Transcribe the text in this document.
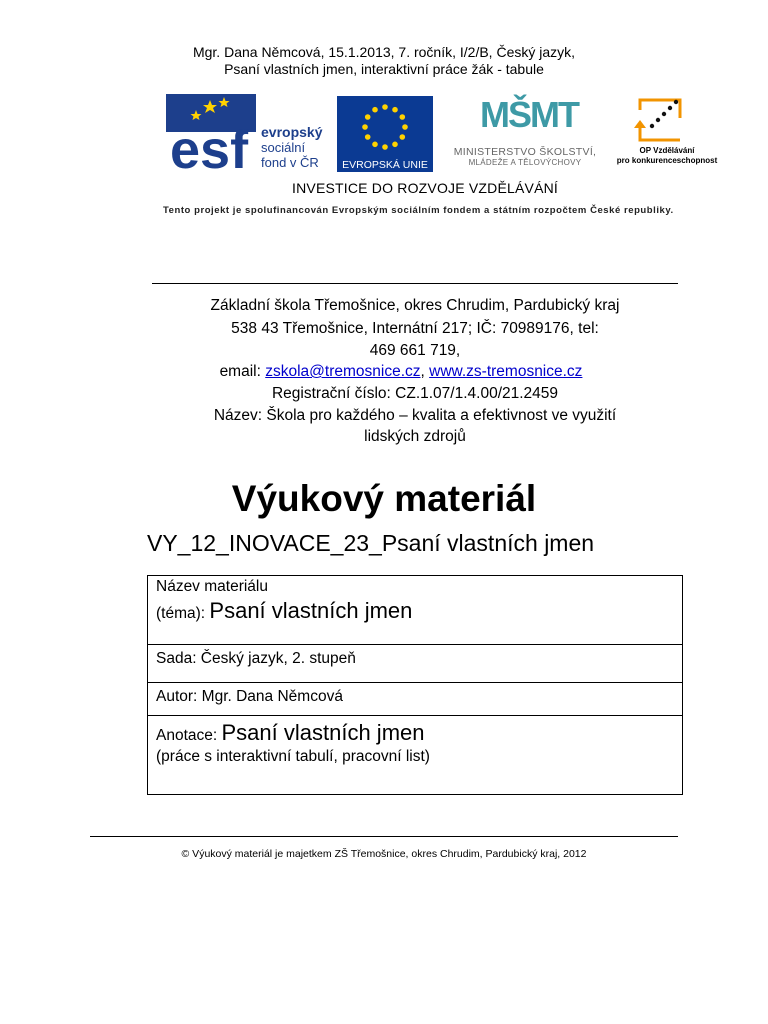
Mgr. Dana Němcová, 15.1.2013, 7. ročník, I/2/B, Český jazyk,
Psaní vlastních jmen, interaktivní práce žák - tabule
esf evropský
sociální
fond v ČR	EVROPSKÁ UNIE
MŠMT
MINISTERSTVO ŠKOLSTVÍ,
MLÁDEŽE A TĚLOVÝCHOVY
OP Vzdělávání
pro konkurenceschopnost
INVESTICE DO ROZVOJE VZDĚLÁVÁNÍ
Tento projekt je spolufinancován Evropským sociálním fondem a státním rozpočtem České republiky.
Základní škola Třemošnice, okres Chrudim, Pardubický kraj
538 43 Třemošnice, Internátní 217; IČ: 70989176, tel:
469 661 719,
email: zskola@tremosnice.cz, www.zs-tremosnice.cz
Registrační číslo: CZ.1.07/1.4.00/21.2459
Název: Škola pro každého – kvalita a efektivnost ve využití
lidských zdrojů
Výukový materiál
VY_12_INOVACE_23_Psaní vlastních jmen
Název materiálu
(téma): Psaní vlastních jmen
Sada: Český jazyk, 2. stupeň
Autor: Mgr. Dana Němcová
Anotace: Psaní vlastních jmen
(práce s interaktivní tabulí, pracovní list)
© Výukový materiál je majetkem ZŠ Třemošnice, okres Chrudim, Pardubický kraj, 2012
